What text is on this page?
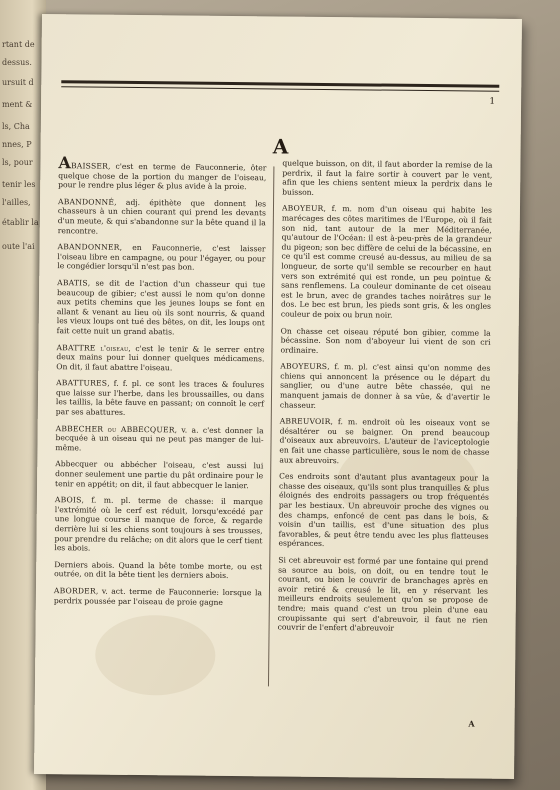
rtant de
dessus.
ursuit d
ment &
ls, Cha
nnes, P
ls, pour
tenir les
l'ailles,
établir la
oute l'ai
1
A

ABAISSER, c'est en terme de Fauconnerie, ôter quelque chose de la portion du manger de l'oiseau, pour le rendre plus léger & plus avide à la proie.

ABANDONNÉ, adj. épithète que donnent les chasseurs à un chien courant qui prend les devants d'un meute, & qui s'abandonne sur la bête quand il la rencontre.

ABANDONNER, en Fauconnerie, c'est laisser l'oiseau libre en campagne, ou pour l'égayer, ou pour le congédier lorsqu'il n'est pas bon.

ABATIS, se dit de l'action d'un chasseur qui tue beaucoup de gibier; c'est aussi le nom qu'on donne aux petits chemins que les jeunes loups se font en allant & venant au lieu où ils sont nourris, & quand les vieux loups ont tué des bêtes, on dit, les loups ont fait cette nuit un grand abatis.

ABATTRE l'oiseau, c'est le tenir & le serrer entre deux mains pour lui donner quelques médicamens. On dit, il faut abattre l'oiseau.

ABATTURES, f. f. pl. ce sont les traces & foulures que laisse sur l'herbe, dans les broussailles, ou dans les taillis, la bête fauve en passant; on connoît le cerf par ses abattures.

ABBECHER ou ABBECQUER, v. a. c'est donner la becquée à un oiseau qui ne peut pas manger de lui-même.

Abbecquer ou abbécher l'oiseau, c'est aussi lui donner seulement une partie du pât ordinaire pour le tenir en appétit; on dit, il faut abbecquer le lanier.

ABOIS, f. m. pl. terme de chasse: il marque l'extrémité où le cerf est réduit, lorsqu'excédé par une longue course il manque de force, & regarde derrière lui si les chiens sont toujours à ses trousses, pour prendre du relâche; on dit alors que le cerf tient les abois.

Derniers abois. Quand la bête tombe morte, ou est outrée, on dit la bête tient les derniers abois.

ABORDER, v. act. terme de Fauconnerie: lorsque la perdrix poussée par l'oiseau de proie gagne

quelque buisson, on dit, il faut aborder la remise de la perdrix, il faut la faire sortir à couvert par le vent, afin que les chiens sentent mieux la perdrix dans le buisson.

ABOYEUR, f. m. nom d'un oiseau qui habite les marécages des côtes maritimes de l'Europe, où il fait son nid, tant autour de la mer Méditerranée, qu'autour de l'Océan: il est à-peu-près de la grandeur du pigeon; son bec diffère de celui de la bécassine, en ce qu'il est comme creusé au-dessus, au milieu de sa longueur, de sorte qu'il semble se recourber en haut vers son extrémité qui est ronde, un peu pointue & sans renflemens. La couleur dominante de cet oiseau est le brun, avec de grandes taches noirâtres sur le dos. Le bec est brun, les pieds sont gris, & les ongles couleur de poix ou brun noir.

On chasse cet oiseau réputé bon gibier, comme la bécassine. Son nom d'aboyeur lui vient de son cri ordinaire.

ABOYEURS, f. m. pl. c'est ainsi qu'on nomme des chiens qui annoncent la présence ou le départ du sanglier, ou d'une autre bête chassée, qui ne manquent jamais de donner à sa vûe, & d'avertir le chasseur.

ABREUVOIR, f. m. endroit où les oiseaux vont se désaltérer ou se baigner. On prend beaucoup d'oiseaux aux abreuvoirs. L'auteur de l'aviceptologie en fait une chasse particulière, sous le nom de chasse aux abreuvoirs.

Ces endroits sont d'autant plus avantageux pour la chasse des oiseaux, qu'ils sont plus tranquilles & plus éloignés des endroits passagers ou trop fréquentés par les bestiaux. Un abreuvoir proche des vignes ou des champs, enfoncé de cent pas dans le bois, & voisin d'un taillis, est d'une situation des plus favorables, & peut être tendu avec les plus flatteuses espérances.

Si cet abreuvoir est formé par une fontaine qui prend sa source au bois, on doit, ou en tendre tout le courant, ou bien le couvrir de branchages après en avoir retiré & creusé le lit, en y réservant les meilleurs endroits seulement qu'on se propose de tendre; mais quand c'est un trou plein d'une eau croupissante qui sert d'abreuvoir, il faut ne rien couvrir de l'enfert d'abreuvoir

A
